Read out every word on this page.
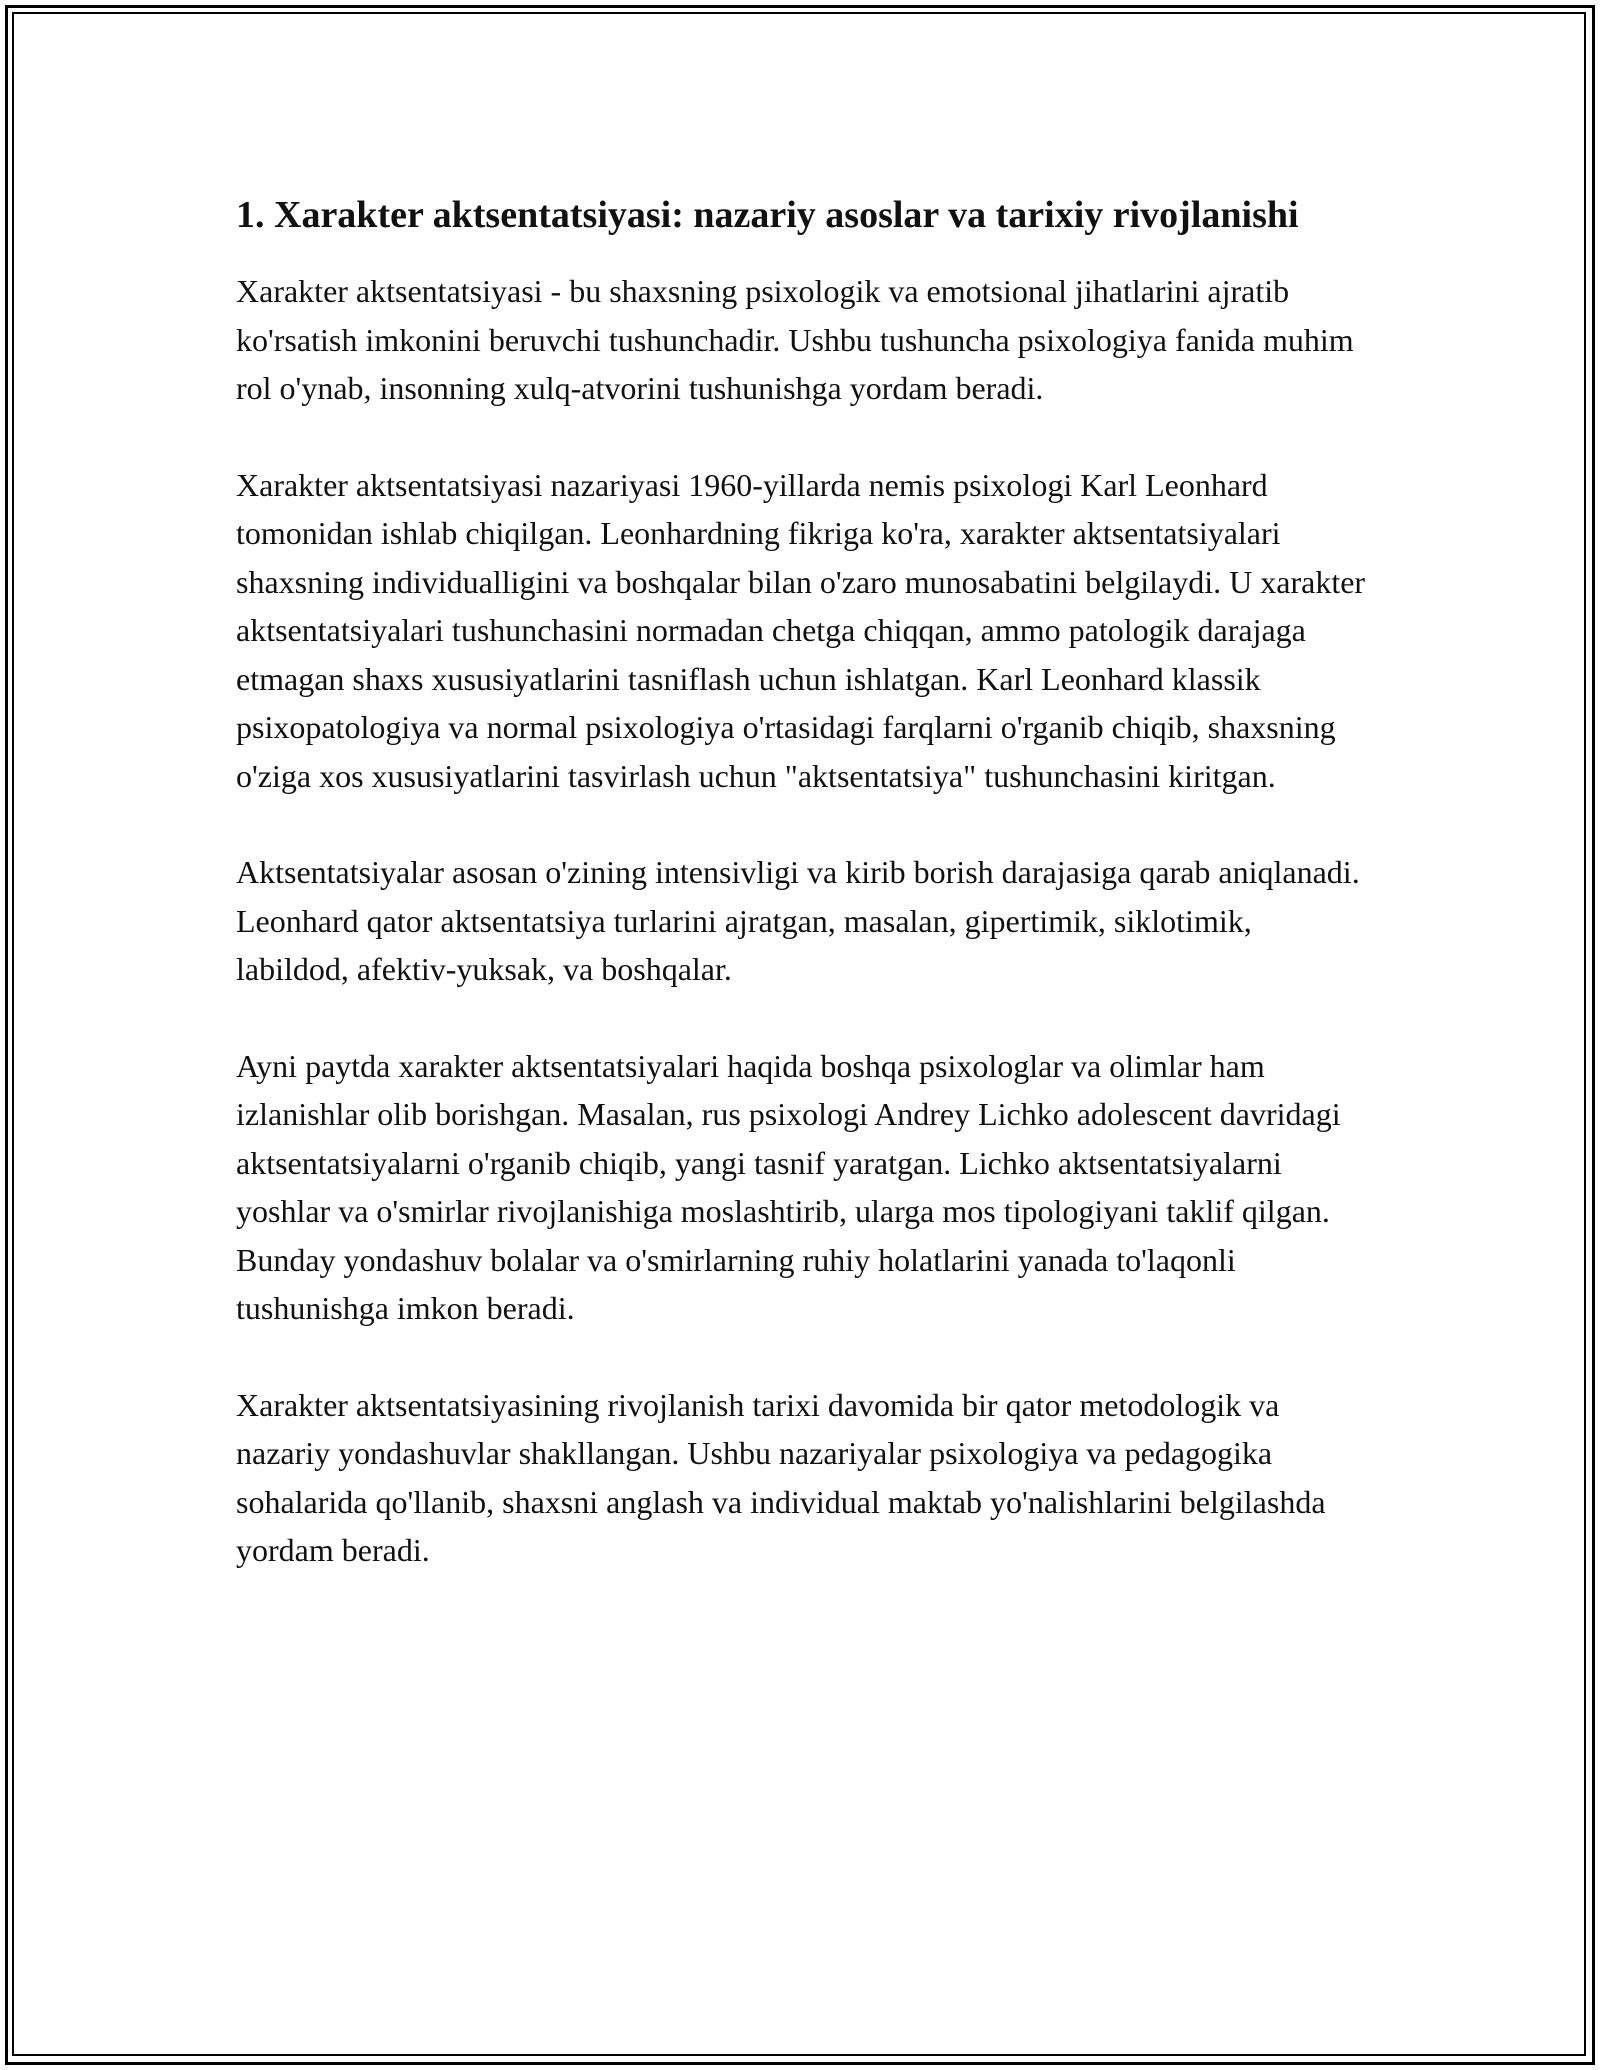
1. Xarakter aktsentatsiyasi: nazariy asoslar va tarixiy rivojlanishi

Xarakter aktsentatsiyasi - bu shaxsning psixologik va emotsional jihatlarini ajratib ko'rsatish imkonini beruvchi tushunchadir. Ushbu tushuncha psixologiya fanida muhim rol o'ynab, insonning xulq-atvorini tushunishga yordam beradi.

Xarakter aktsentatsiyasi nazariyasi 1960-yillarda nemis psixologi Karl Leonhard tomonidan ishlab chiqilgan. Leonhardning fikriga ko'ra, xarakter aktsentatsiyalari shaxsning individualligini va boshqalar bilan o'zaro munosabatini belgilaydi. U xarakter aktsentatsiyalari tushunchasini normadan chetga chiqqan, ammo patologik darajaga etmagan shaxs xususiyatlarini tasniflash uchun ishlatgan. Karl Leonhard klassik psixopatologiya va normal psixologiya o'rtasidagi farqlarni o'rganib chiqib, shaxsning o'ziga xos xususiyatlarini tasvirlash uchun "aktsentatsiya" tushunchasini kiritgan.

Aktsentatsiyalar asosan o'zining intensivligi va kirib borish darajasiga qarab aniqlanadi. Leonhard qator aktsentatsiya turlarini ajratgan, masalan, gipertimik, siklotimik, labildod, afektiv-yuksak, va boshqalar.

Ayni paytda xarakter aktsentatsiyalari haqida boshqa psixologlar va olimlar ham izlanishlar olib borishgan. Masalan, rus psixologi Andrey Lichko adolescent davridagi aktsentatsiyalarni o'rganib chiqib, yangi tasnif yaratgan. Lichko aktsentatsiyalarni yoshlar va o'smirlar rivojlanishiga moslashtirib, ularga mos tipologiyani taklif qilgan. Bunday yondashuv bolalar va o'smirlarning ruhiy holatlarini yanada to'laqonli tushunishga imkon beradi.

Xarakter aktsentatsiyasining rivojlanish tarixi davomida bir qator metodologik va nazariy yondashuvlar shakllangan. Ushbu nazariyalar psixologiya va pedagogika sohalarida qo'llanib, shaxsni anglash va individual maktab yo'nalishlarini belgilashda yordam beradi.
